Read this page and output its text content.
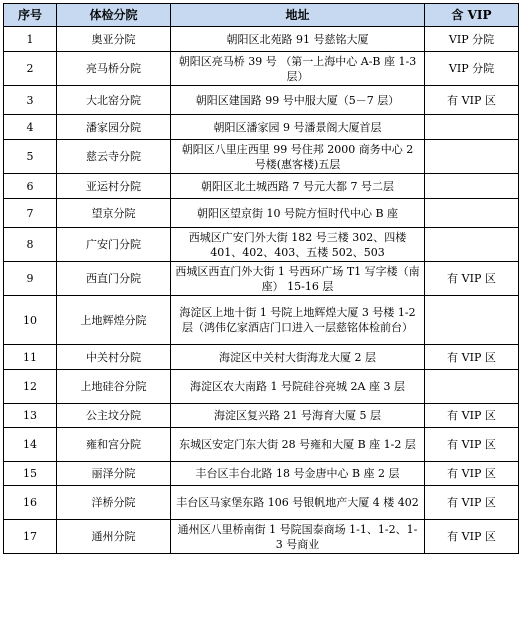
序号	体检分院	地址	含 VIP
1	奥亚分院	朝阳区北苑路 91 号慈铭大厦	VIP 分院
2	亮马桥分院	朝阳区亮马桥 39 号 （第一上海中心 A-B 座 1-3 层）	VIP 分院
3	大北窑分院	朝阳区建国路 99 号中服大厦（5－7 层）	有 VIP 区
4	潘家园分院	朝阳区潘家园 9 号潘景阁大厦首层	
5	慈云寺分院	朝阳区八里庄西里 99 号住邦 2000 商务中心 2 号楼(惠客楼)五层	
6	亚运村分院	朝阳区北土城西路 7 号元大都 7 号二层	
7	望京分院	朝阳区望京街 10 号院方恒时代中心 B 座	
8	广安门分院	西城区广安门外大街 182 号三楼 302、四楼 401、402、403、五楼 502、503	
9	西直门分院	西城区西直门外大街 1 号西环广场 T1 写字楼（南座） 15-16 层	有 VIP 区
10	上地辉煌分院	海淀区上地十街 1 号院上地辉煌大厦 3 号楼 1-2 层（鸿伟亿家酒店门口进入一层慈铭体检前台）	
11	中关村分院	海淀区中关村大街海龙大厦 2 层	有 VIP 区
12	上地硅谷分院	海淀区农大南路 1 号院硅谷亮城 2A 座 3 层	
13	公主坟分院	海淀区复兴路 21 号海育大厦 5 层	有 VIP 区
14	雍和宫分院	东城区安定门东大街 28 号雍和大厦 B 座 1-2 层	有 VIP 区
15	丽泽分院	丰台区丰台北路 18 号金唐中心 B 座 2 层	有 VIP 区
16	洋桥分院	丰台区马家堡东路 106 号银帆地产大厦 4 楼 402	有 VIP 区
17	通州分院	通州区八里桥南街 1 号院国泰商场 1-1、1-2、1-3 号商业	有 VIP 区
